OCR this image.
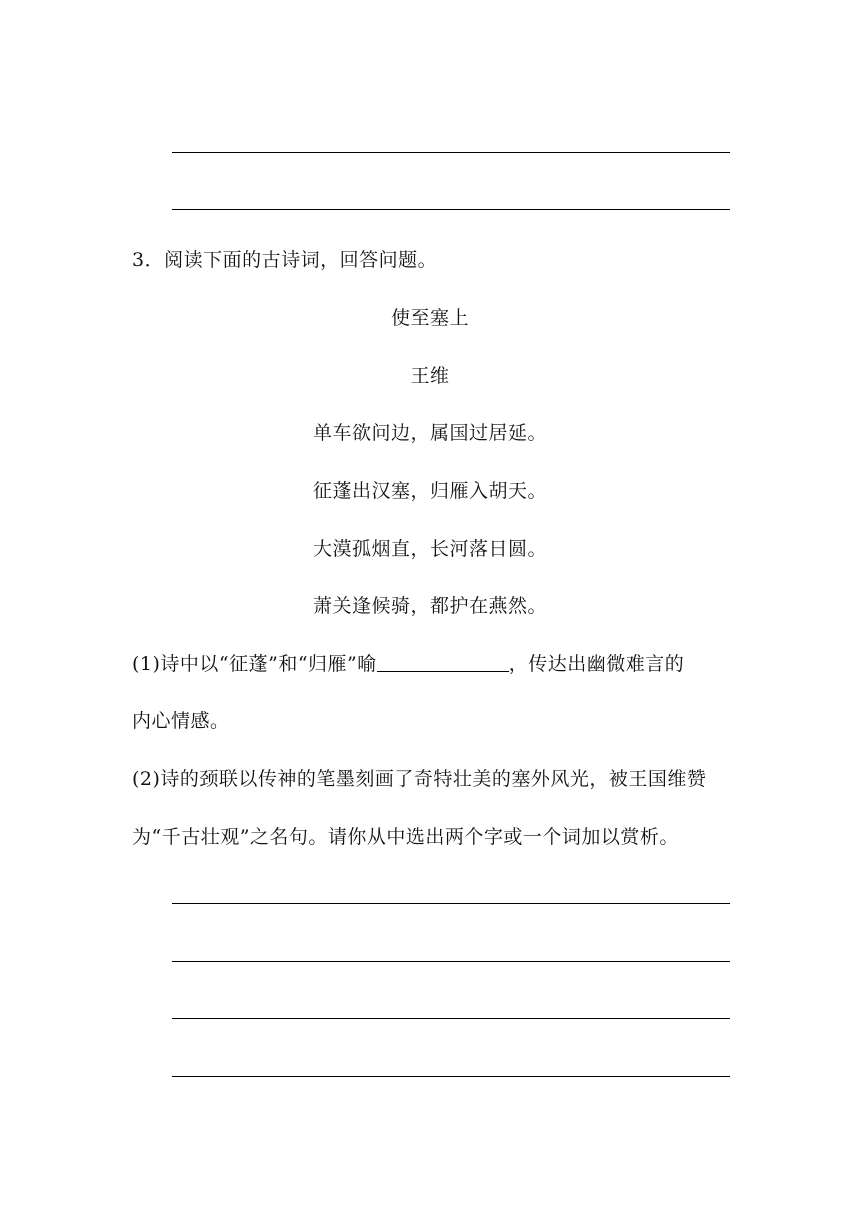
3．阅读下面的古诗词，回答问题。
使至塞上
王维
单车欲问边，属国过居延。
征蓬出汉塞，归雁入胡天。
大漠孤烟直，长河落日圆。
萧关逢候骑，都护在燕然。
(1)诗中以“征蓬”和“归雁”喻	，传达出幽微难言的
内心情感。
(2)诗的颈联以传神的笔墨刻画了奇特壮美的塞外风光，被王国维赞
为“千古壮观”之名句。请你从中选出两个字或一个词加以赏析。
